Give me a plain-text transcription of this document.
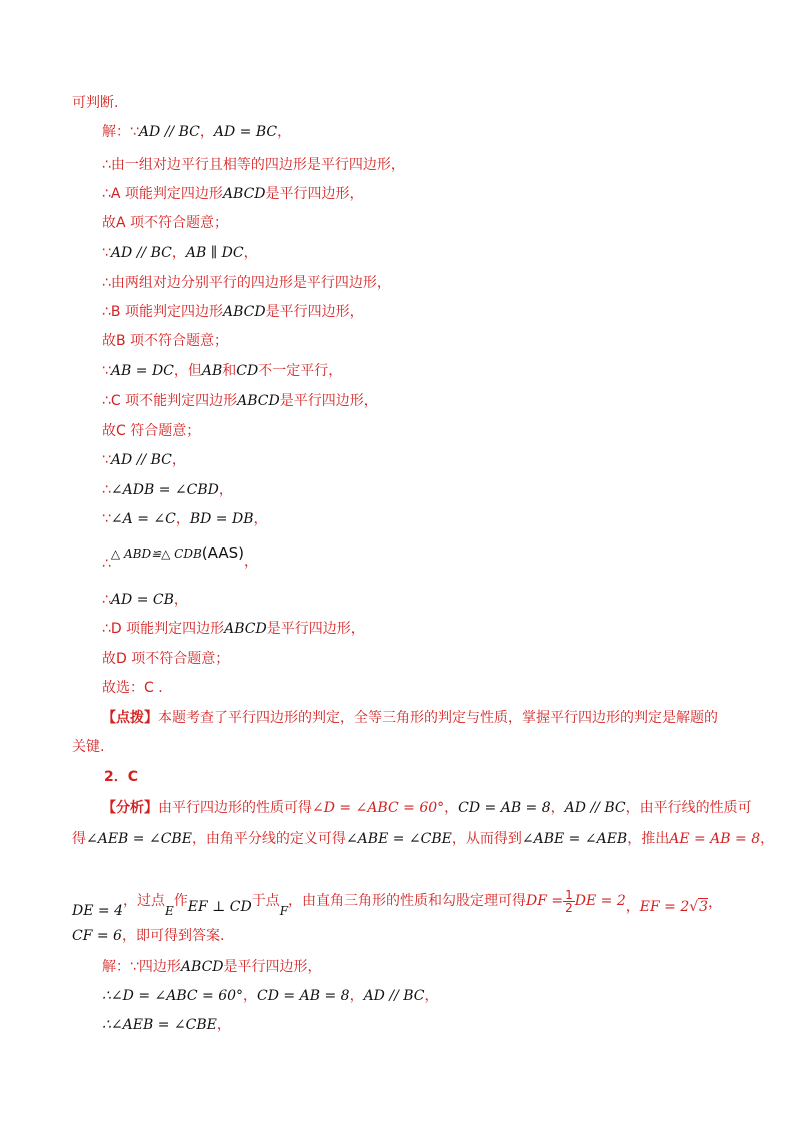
可判断.
解：∵AD // BC，AD = BC，
∴由一组对边平行且相等的四边形是平行四边形，
∴A 项能判定四边形ABCD是平行四边形，
故A 项不符合题意；
∵AD // BC，AB ∥ DC，
∴由两组对边分别平行的四边形是平行四边形，
∴B 项能判定四边形ABCD是平行四边形，
故B 项不符合题意；
∵AB = DC，但AB和CD不一定平行，
∴C 项不能判定四边形ABCD是平行四边形，
故C 符合题意；
∵AD // BC，
∴∠ADB = ∠CBD，
∵∠A = ∠C，BD = DB，
∴△ ABD≌△ CDB(AAS)，
∴AD = CB，
∴D 项能判定四边形ABCD是平行四边形，
故D 项不符合题意；
故选：C .
【点拨】本题考查了平行四边形的判定，全等三角形的判定与性质，掌握平行四边形的判定是解题的
关键.
2．C
【分析】由平行四边形的性质可得∠D = ∠ABC = 60°，CD = AB = 8，AD // BC，由平行线的性质可
得∠AEB = ∠CBE，由角平分线的定义可得∠ABE = ∠CBE，从而得到∠ABE = ∠AEB，推出AE = AB = 8，
DE = 4，过点E作EF ⊥ CD于点F，由直角三角形的性质和勾股定理可得DF = $\frac{1}{2}$ DE = 2，EF = 2√3，
CF = 6，即可得到答案.
解：∵四边形ABCD是平行四边形，
∴∠D = ∠ABC = 60°，CD = AB = 8，AD // BC，
∴∠AEB = ∠CBE，
